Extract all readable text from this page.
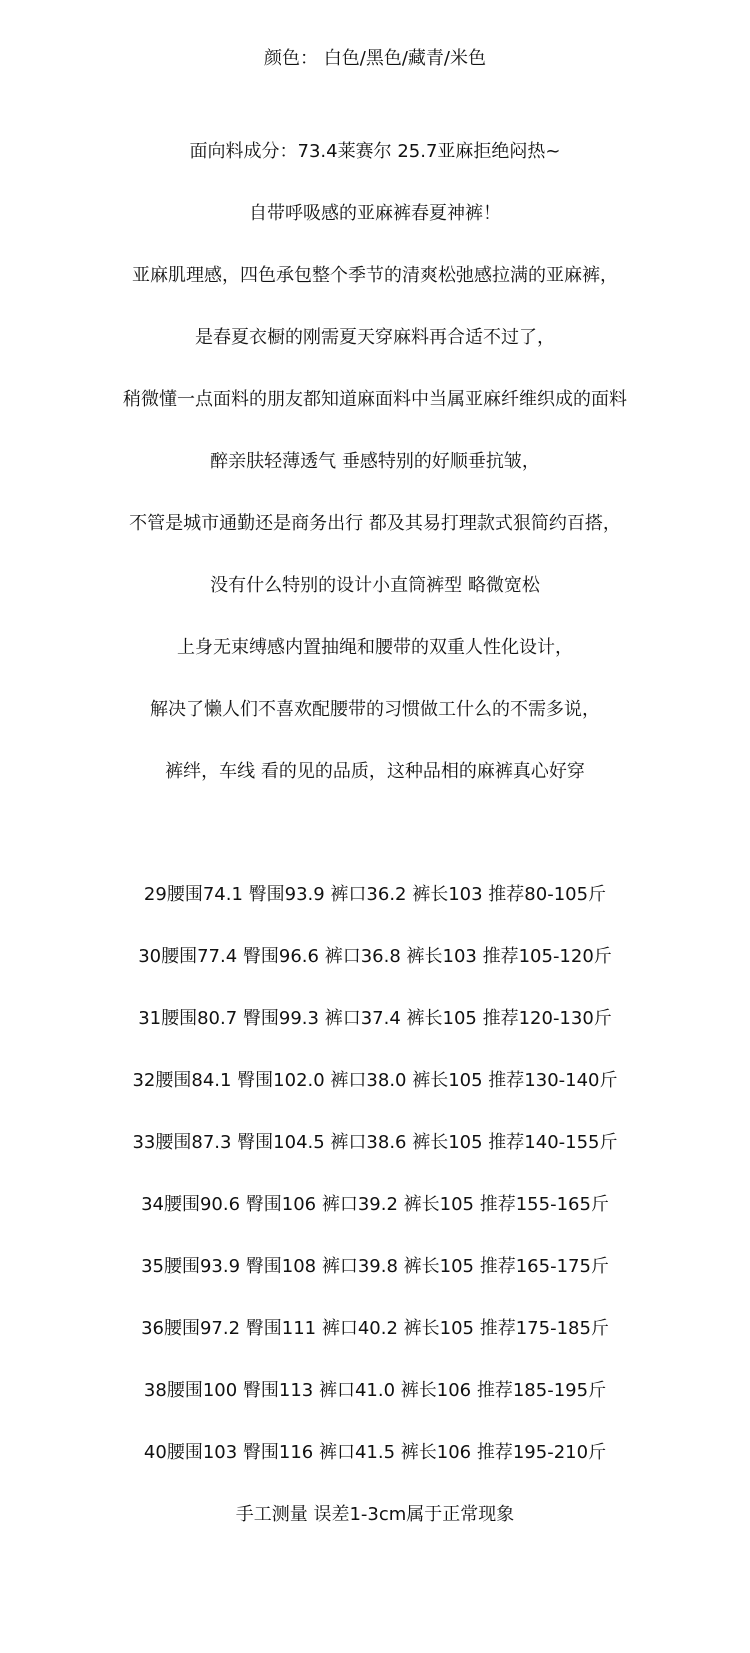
颜色： 白色/黑色/藏青/米色
面向料成分：73.4莱赛尔 25.7亚麻拒绝闷热~
自带呼吸感的亚麻裤春夏神裤！
亚麻肌理感，四色承包整个季节的清爽松弛感拉满的亚麻裤，
是春夏衣橱的刚需夏天穿麻料再合适不过了，
稍微懂一点面料的朋友都知道麻面料中当属亚麻纤维织成的面料
醉亲肤轻薄透气 垂感特别的好顺垂抗皱，
不管是城市通勤还是商务出行 都及其易打理款式狠简约百搭，
没有什么特别的设计小直筒裤型 略微宽松
上身无束缚感内置抽绳和腰带的双重人性化设计，
解决了懒人们不喜欢配腰带的习惯做工什么的不需多说，
裤绊，车线 看的见的品质，这种品相的麻裤真心好穿
29腰围74.1 臀围93.9 裤口36.2 裤长103 推荐80-105斤
30腰围77.4 臀围96.6 裤口36.8 裤长103 推荐105-120斤
31腰围80.7 臀围99.3 裤口37.4 裤长105 推荐120-130斤
32腰围84.1 臀围102.0 裤口38.0 裤长105 推荐130-140斤
33腰围87.3 臀围104.5 裤口38.6 裤长105 推荐140-155斤
34腰围90.6 臀围106 裤口39.2 裤长105 推荐155-165斤
35腰围93.9 臀围108 裤口39.8 裤长105 推荐165-175斤
36腰围97.2 臀围111 裤口40.2 裤长105 推荐175-185斤
38腰围100 臀围113 裤口41.0 裤长106 推荐185-195斤
40腰围103 臀围116 裤口41.5 裤长106 推荐195-210斤
手工测量 误差1-3cm属于正常现象
